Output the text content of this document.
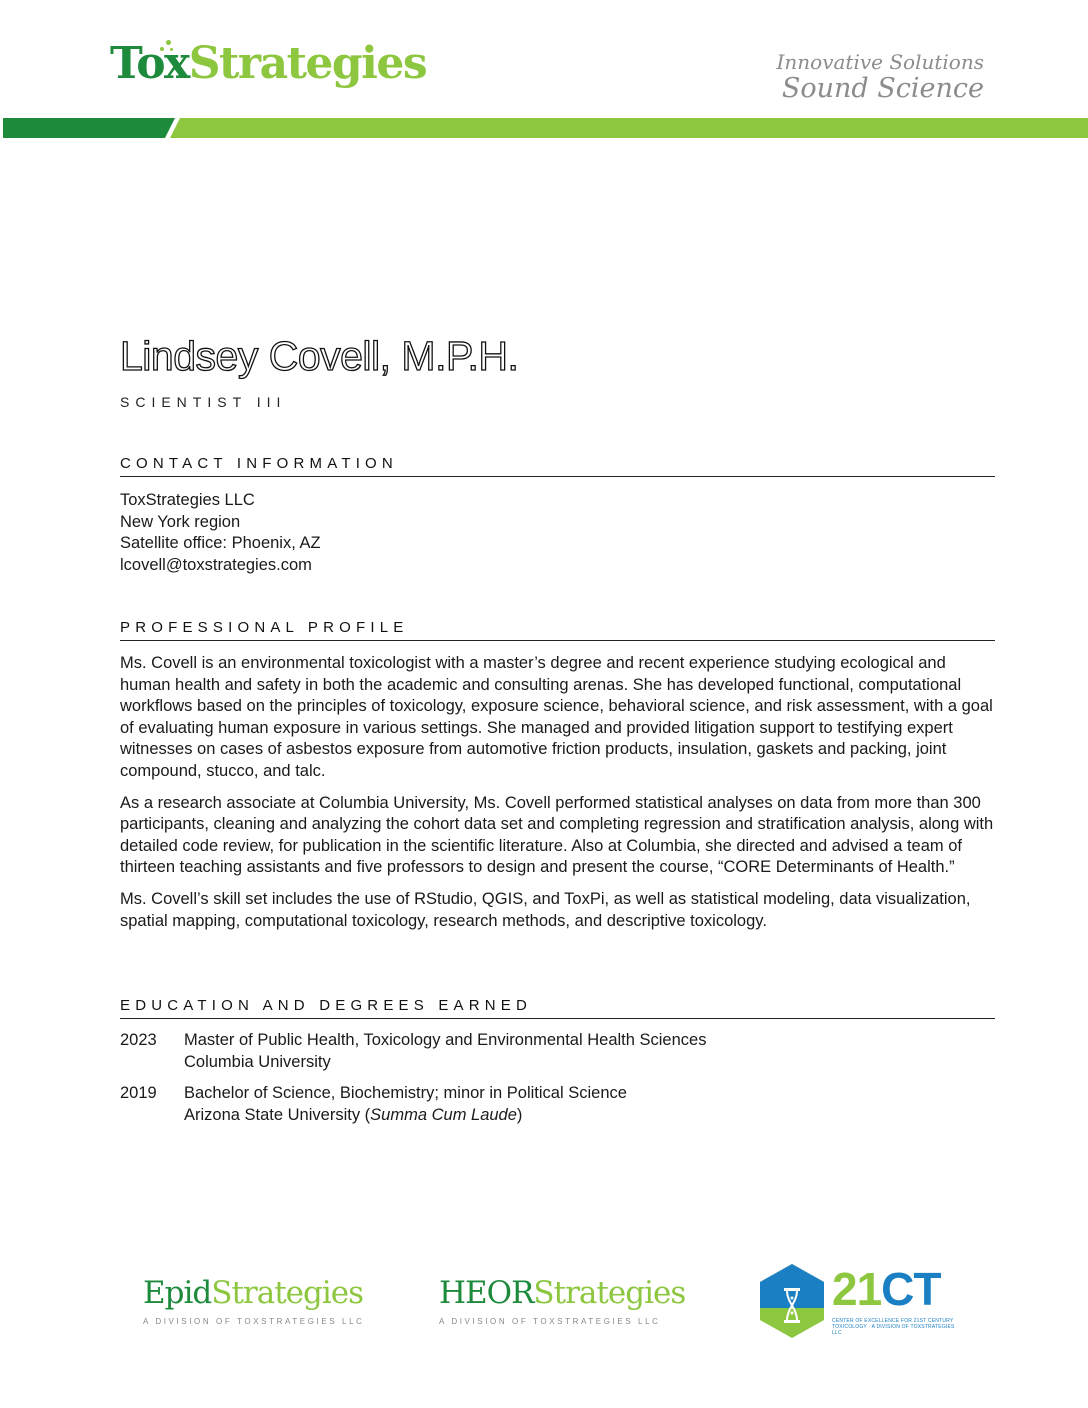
ToxStrategies	Innovative Solutions
Sound Science
Lindsey Covell, M.P.H.
SCIENTIST III
CONTACT INFORMATION
ToxStrategies LLC
New York region
Satellite office: Phoenix, AZ
lcovell@toxstrategies.com
PROFESSIONAL PROFILE

Ms. Covell is an environmental toxicologist with a master’s degree and recent experience studying ecological and human health and safety in both the academic and consulting arenas. She has developed functional, computational workflows based on the principles of toxicology, exposure science, behavioral science, and risk assessment, with a goal of evaluating human exposure in various settings. She managed and provided litigation support to testifying expert witnesses on cases of asbestos exposure from automotive friction products, insulation, gaskets and packing, joint compound, stucco, and talc.

As a research associate at Columbia University, Ms. Covell performed statistical analyses on data from more than 300 participants, cleaning and analyzing the cohort data set and completing regression and stratification analysis, along with detailed code review, for publication in the scientific literature. Also at Columbia, she directed and advised a team of thirteen teaching assistants and five professors to design and present the course, “CORE Determinants of Health.”

Ms. Covell’s skill set includes the use of RStudio, QGIS, and ToxPi, as well as statistical modeling, data visualization, spatial mapping, computational toxicology, research methods, and descriptive toxicology.

EDUCATION AND DEGREES EARNED
2023	Master of Public Health, Toxicology and Environmental Health Sciences
Columbia University
2019	Bachelor of Science, Biochemistry; minor in Political Science
Arizona State University (Summa Cum Laude)
EpidStrategies
A DIVISION OF TOXSTRATEGIES LLC
HEORStrategies
A DIVISION OF TOXSTRATEGIES LLC
21CT
CENTER OF EXCELLENCE FOR 21ST CENTURY TOXICOLOGY · A DIVISION OF TOXSTRATEGIES LLC
